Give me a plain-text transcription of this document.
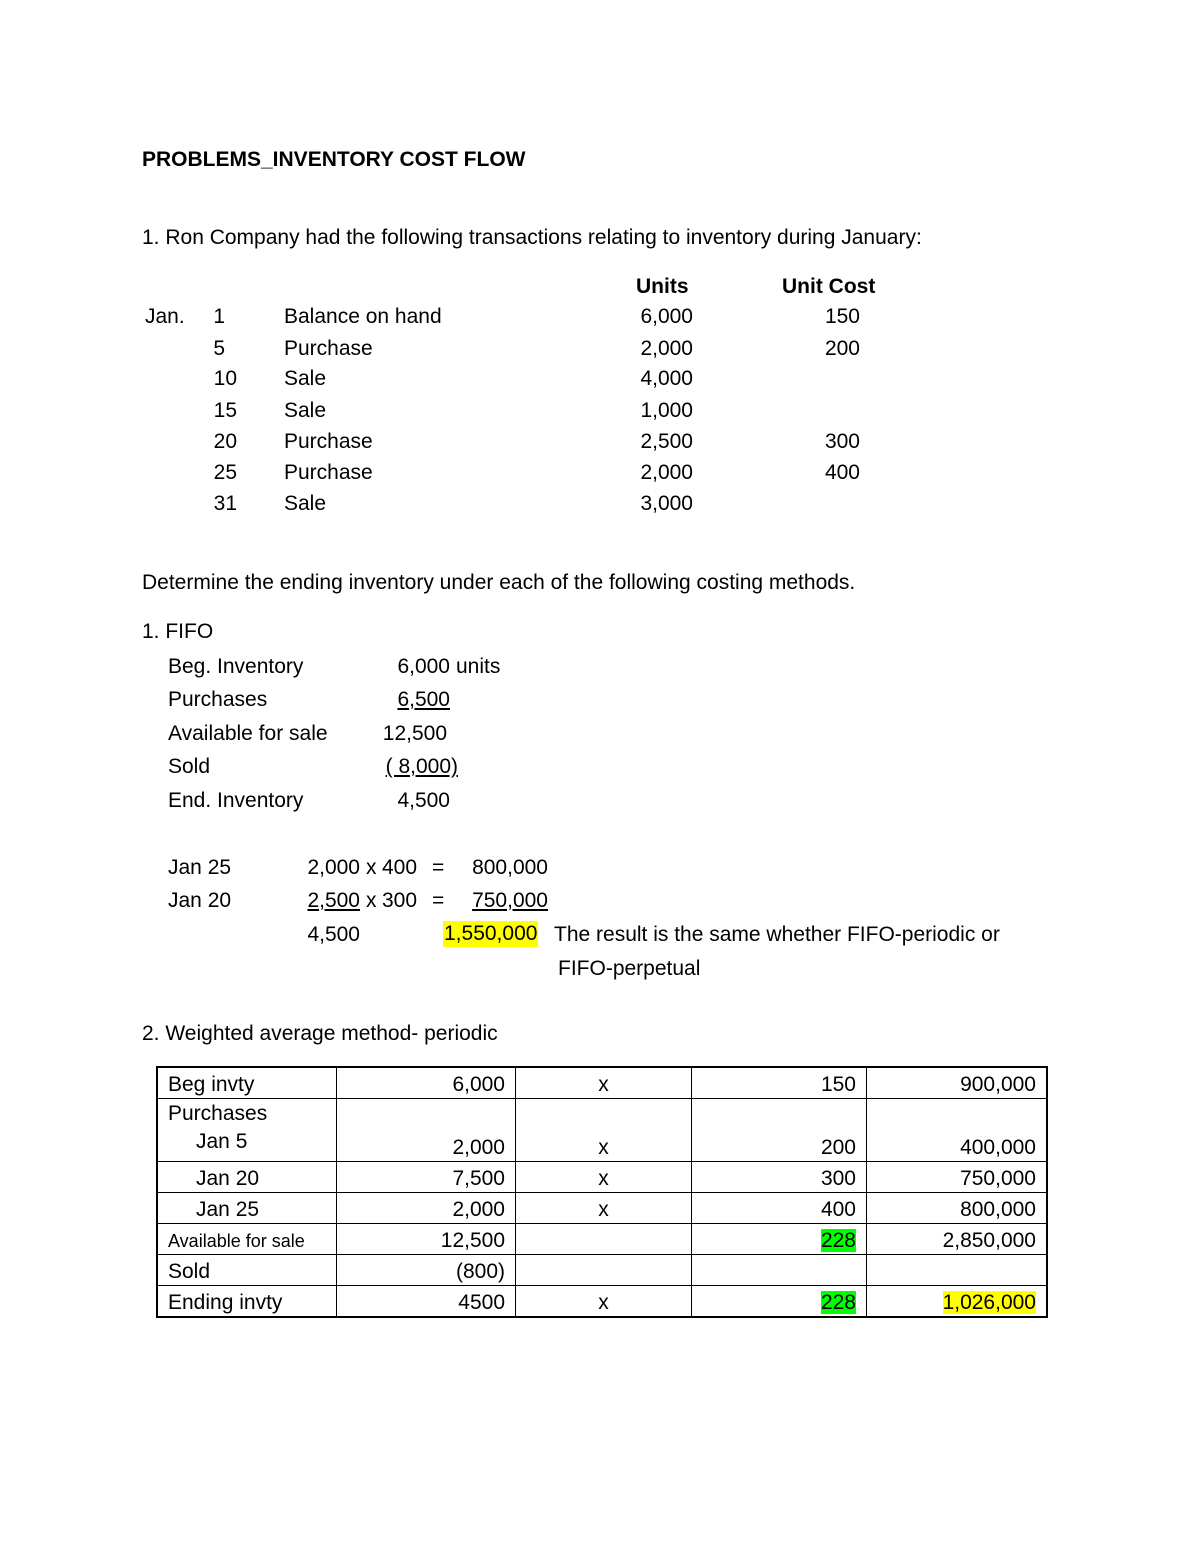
PROBLEMS_INVENTORY COST FLOW
1. Ron Company had the following transactions relating to inventory during January:
Units	Unit Cost
Jan.	1	Balance on hand	6,000	150
5	Purchase	2,000	200
10 Sale	4,000
15 Sale	1,000
20 Purchase	2,500	300
25 Purchase	2,000	400
31 Sale	3,000
Determine the ending inventory under each of the following costing methods.
1. FIFO
Beg. Inventory	6,000 units
Purchases	6,500
Available for sale	12,500
Sold	( 8,000)
End. Inventory	4,500
Jan 25	2,000 x 400 =	800,000
Jan 20	2,500 x 300 =	750,000
4,500	1,550,000 The result is the same whether FIFO-periodic or
FIFO-perpetual
2. Weighted average method- periodic
Beg invty	6,000	x	150	900,000

Purchases
Jan 5	2,000	x	200	400,000
Jan 20	7,500	x	300	750,000
Jan 25	2,000	x	400	800,000
Available for sale	12,500		228	2,850,000
Sold	(800)			
Ending invty	4500	x	228	1,026,000
